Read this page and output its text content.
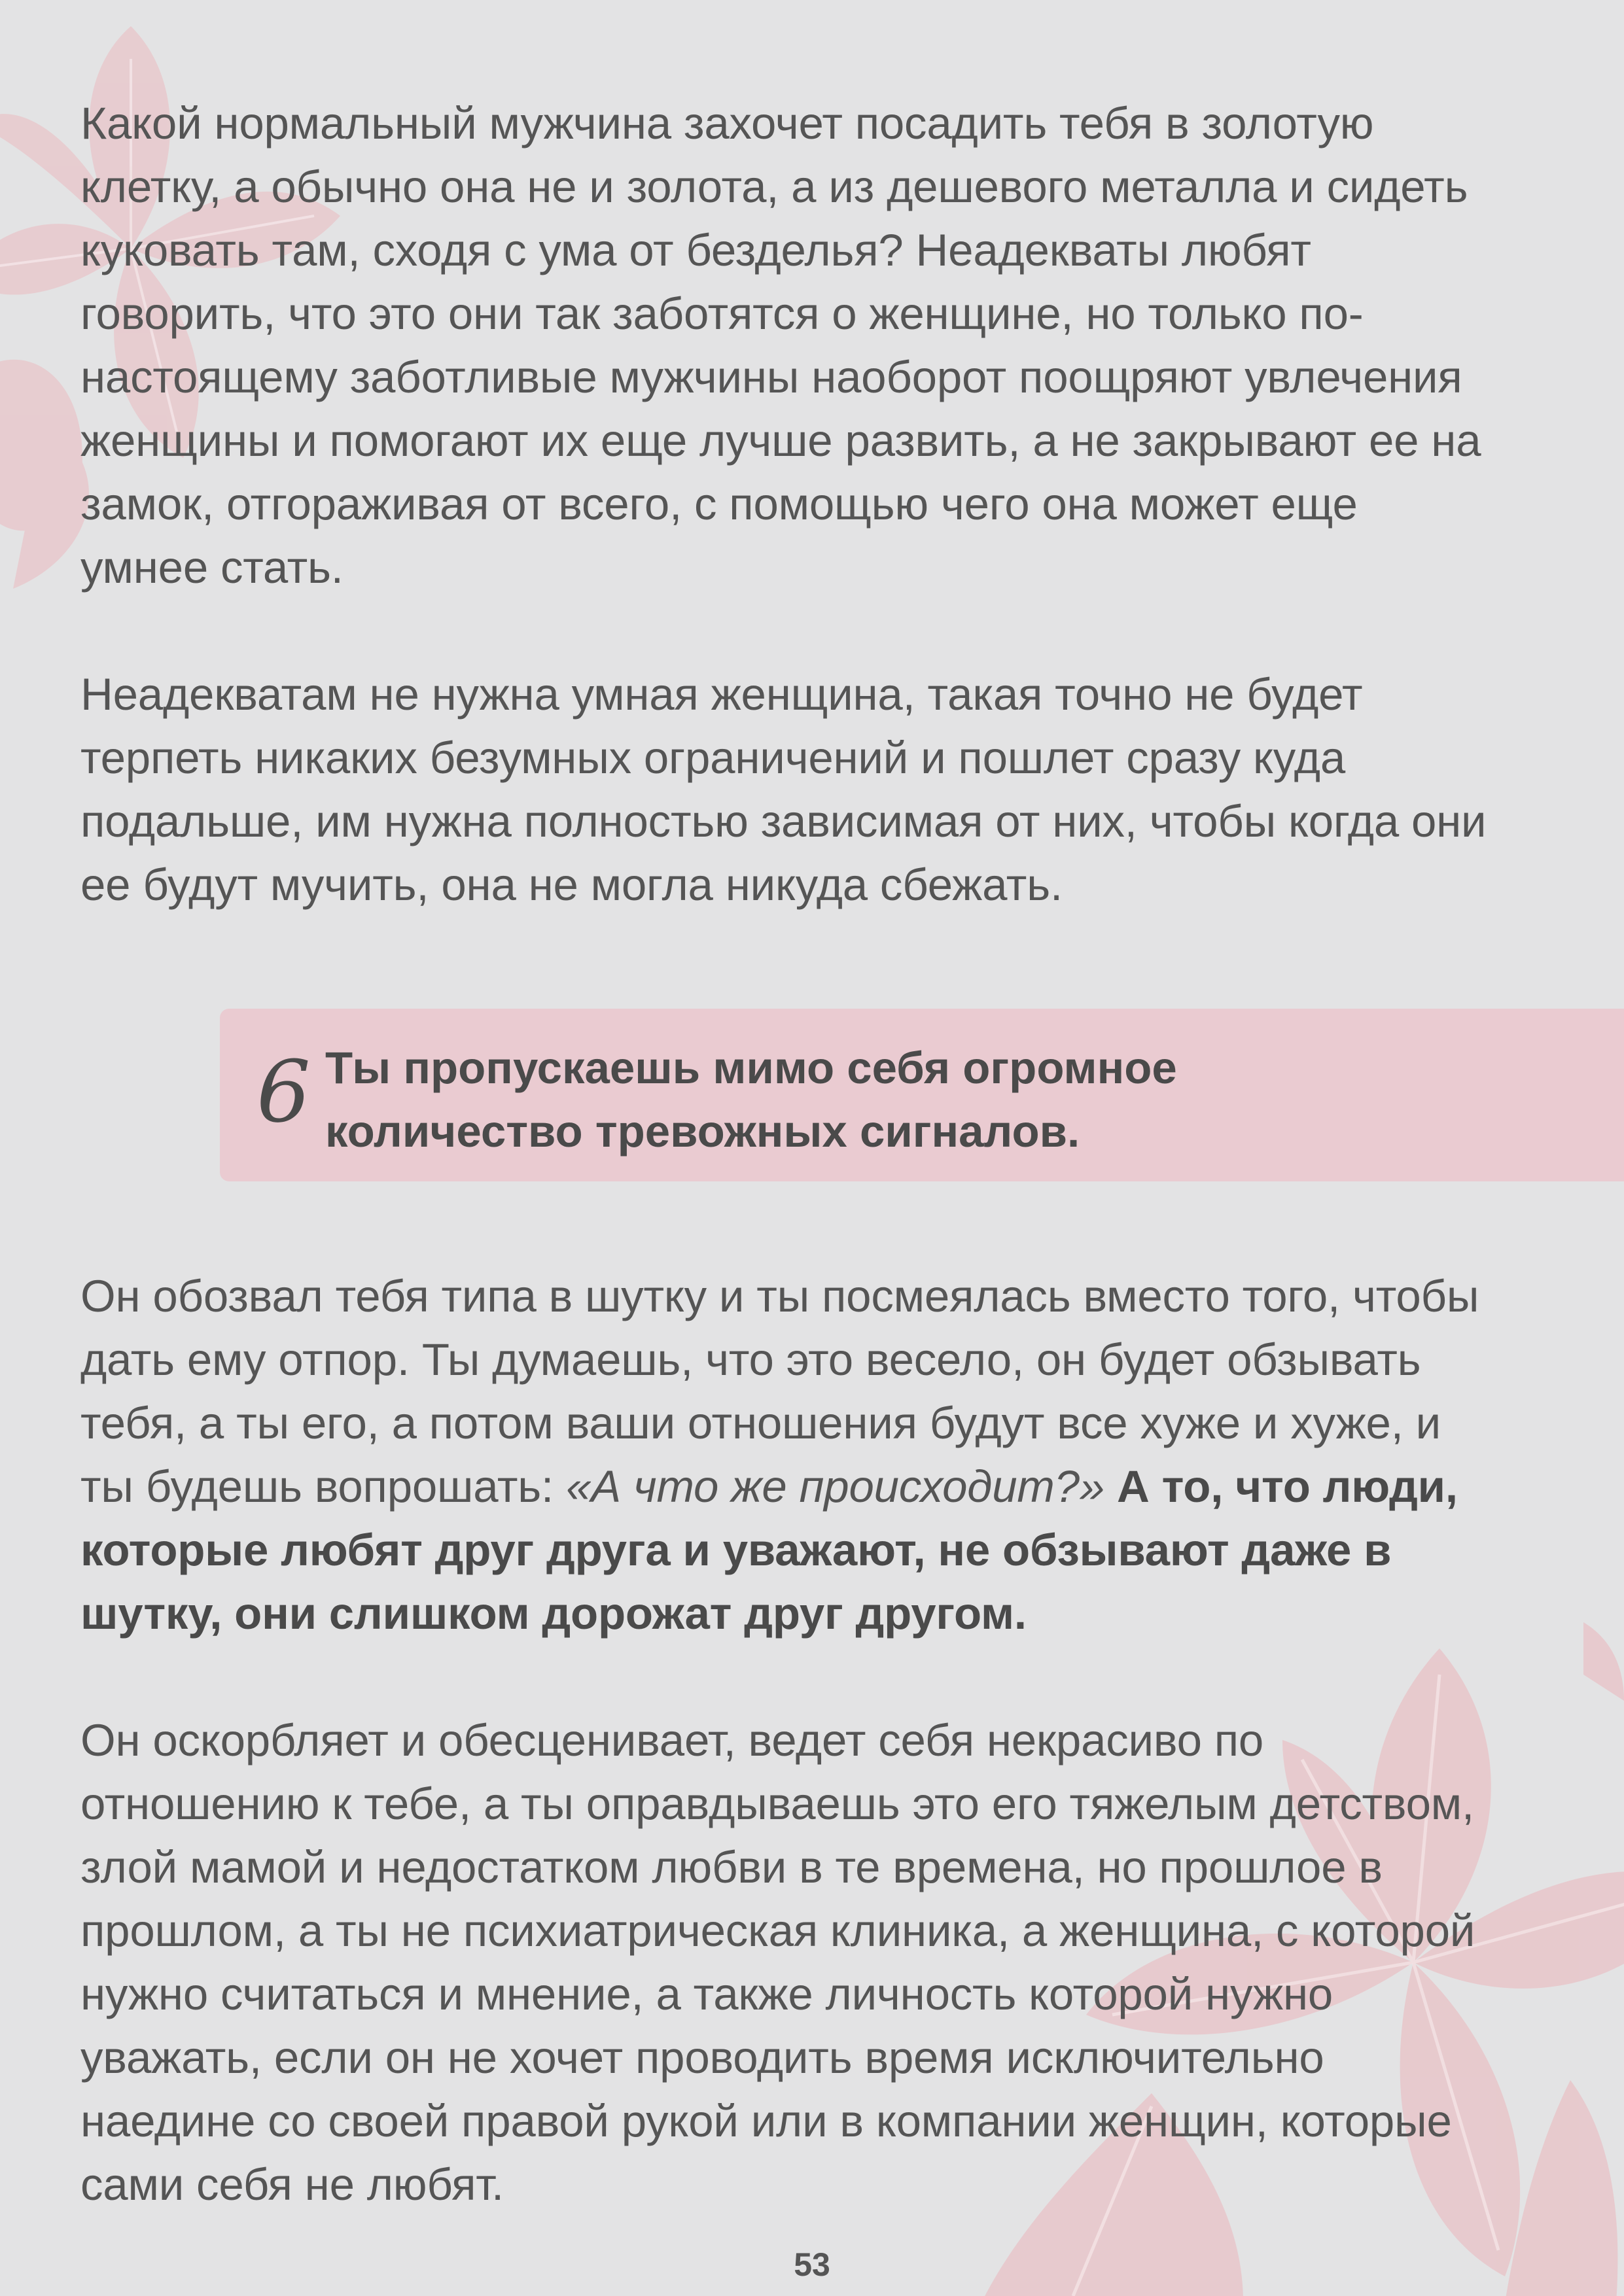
Какой нормальный мужчина захочет посадить тебя в золотую
клетку, а обычно она не и золота, а из дешевого металла и сидеть
куковать там, сходя с ума от безделья? Неадекваты любят
говорить, что это они так заботятся о женщине, но только по-
настоящему заботливые мужчины наоборот поощряют увлечения
женщины и помогают их еще лучше развить, а не закрывают ее на
замок, отгораживая от всего, с помощью чего она может еще
умнее стать.

Неадекватам не нужна умная женщина, такая точно не будет
терпеть никаких безумных ограничений и пошлет сразу куда
подальше, им нужна полностью зависимая от них, чтобы когда они
ее будут мучить, она не могла никуда сбежать.

6 Ты пропускаешь мимо себя огромное
количество тревожных сигналов.

Он обозвал тебя типа в шутку и ты посмеялась вместо того, чтобы
дать ему отпор. Ты думаешь, что это весело, он будет обзывать
тебя, а ты его, а потом ваши отношения будут все хуже и хуже, и
ты будешь вопрошать: «А что же происходит?» А то, что люди,
которые любят друг друга и уважают, не обзывают даже в
шутку, они слишком дорожат друг другом.

Он оскорбляет и обесценивает, ведет себя некрасиво по
отношению к тебе, а ты оправдываешь это его тяжелым детством,
злой мамой и недостатком любви в те времена, но прошлое в
прошлом, а ты не психиатрическая клиника, а женщина, с которой
нужно считаться и мнение, а также личность которой нужно
уважать, если он не хочет проводить время исключительно
наедине со своей правой рукой или в компании женщин, которые
сами себя не любят.

53
